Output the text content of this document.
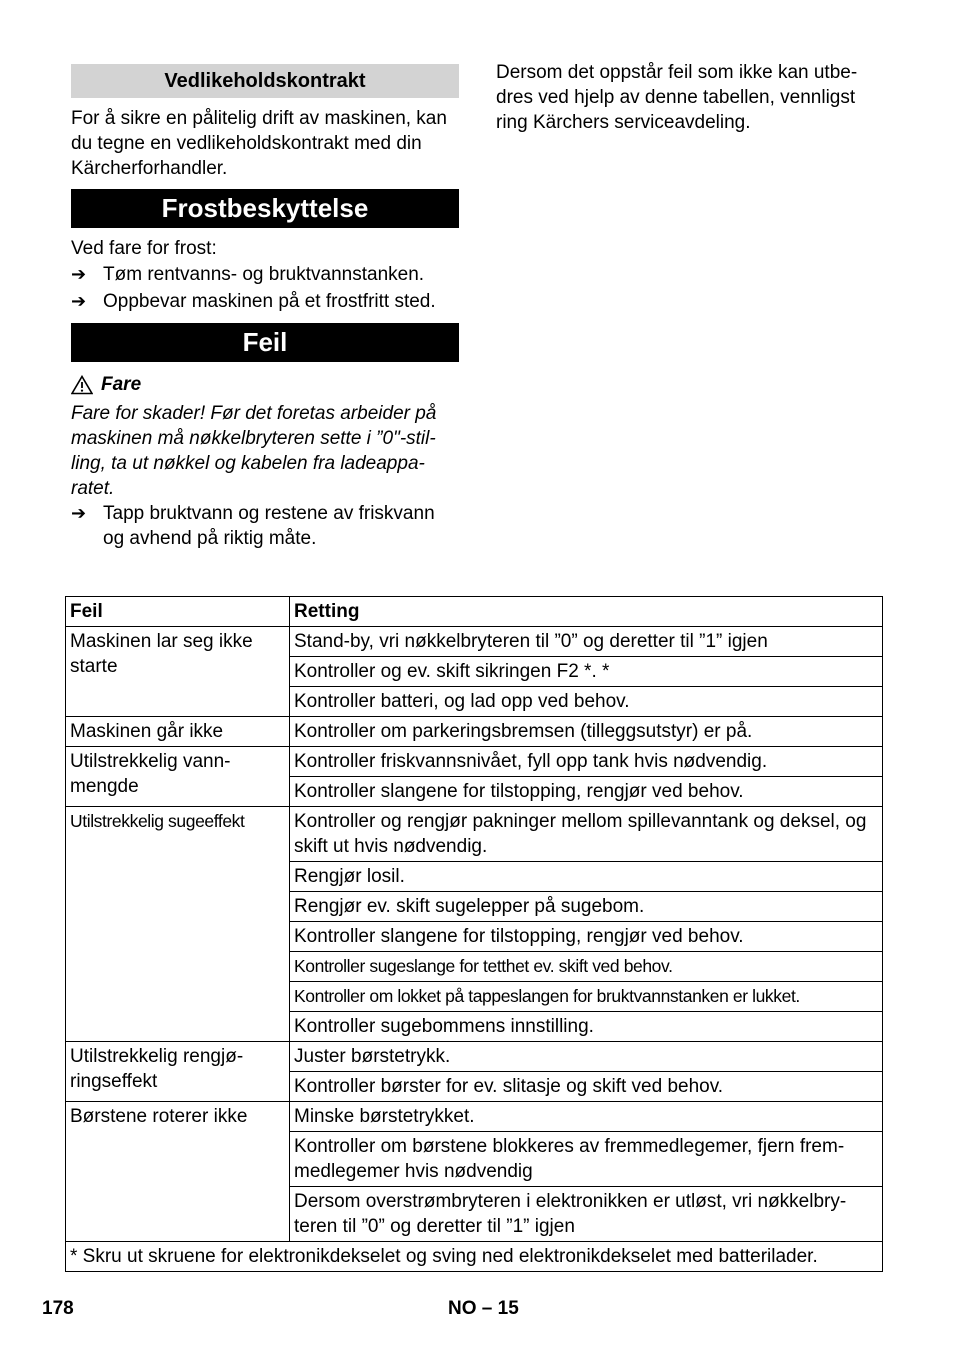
Vedlikeholdskontrakt

For å sikre en pålitelig drift av maskinen, kan du tegne en vedlikeholdskontrakt med din Kärcherforhandler.

Frostbeskyttelse

Ved fare for frost:

➔ Tøm rentvanns- og bruktvannstanken.
➔ Oppbevar maskinen på et frostfritt sted.
Feil
Fare

Fare for skader! Før det foretas arbeider på maskinen må nøkkelbryteren sette i ”0"-stil-ling, ta ut nøkkel og kabelen fra ladeappa-ratet.

➔ Tapp bruktvann og restene av friskvann og avhend på riktig måte.

Dersom det oppstår feil som ikke kan utbe-dres ved hjelp av denne tabellen, vennligst ring Kärchers serviceavdeling.

Feil	Retting
Maskinen lar seg ikke starte	Stand-by, vri nøkkelbryteren til ”0” og deretter til ”1” igjen
	Kontroller og ev. skift sikringen F2 *. *
	Kontroller batteri, og lad opp ved behov.
Maskinen går ikke	Kontroller om parkeringsbremsen (tilleggsutstyr) er på.
Utilstrekkelig vann-mengde	Kontroller friskvannsnivået, fyll opp tank hvis nødvendig.
	Kontroller slangene for tilstopping, rengjør ved behov.
Utilstrekkelig sugeeffekt	Kontroller og rengjør pakninger mellom spillevanntank og deksel, og skift ut hvis nødvendig.
	Rengjør losil.
	Rengjør ev. skift sugelepper på sugebom.
	Kontroller slangene for tilstopping, rengjør ved behov.
	Kontroller sugeslange for tetthet ev. skift ved behov.
	Kontroller om lokket på tappeslangen for bruktvannstanken er lukket.
	Kontroller sugebommens innstilling.
Utilstrekkelig rengjø-ringseffekt	Juster børstetrykk.
	Kontroller børster for ev. slitasje og skift ved behov.
Børstene roterer ikke	Minske børstetrykket.
	Kontroller om børstene blokkeres av fremmedlegemer, fjern frem-medlegemer hvis nødvendig
	Dersom overstrømbryteren i elektronikken er utløst, vri nøkkelbry-teren til ”0” og deretter til ”1” igjen
* Skru ut skruene for elektronikdekselet og sving ned elektronikdekselet med batterilader.	
178	NO – 15
